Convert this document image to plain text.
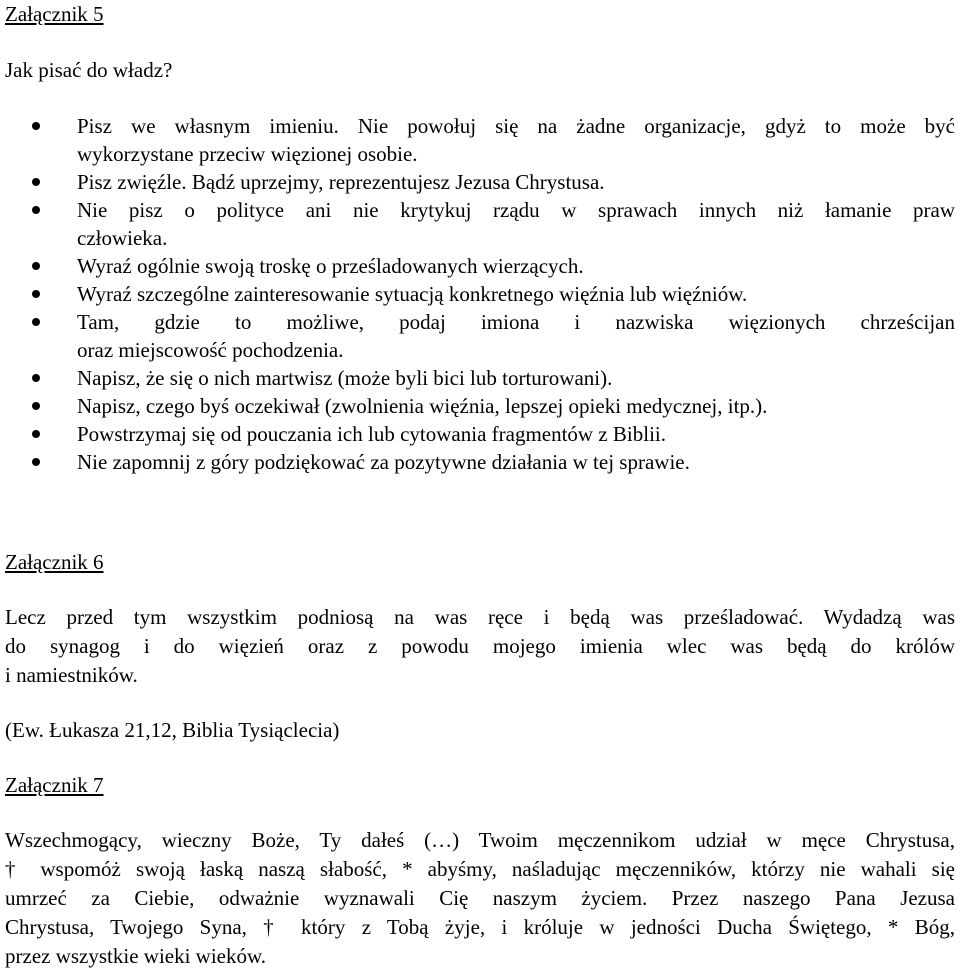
Załącznik 5
Jak pisać do władz?
Pisz we własnym imieniu. Nie powołuj się na żadne organizacje, gdyż to może być
wykorzystane przeciw więzionej osobie.
Pisz zwięźle. Bądź uprzejmy, reprezentujesz Jezusa Chrystusa.
Nie pisz o polityce ani nie krytykuj rządu w sprawach innych niż łamanie praw
człowieka.
Wyraź ogólnie swoją troskę o prześladowanych wierzących.
Wyraź szczególne zainteresowanie sytuacją konkretnego więźnia lub więźniów.
Tam, gdzie to możliwe, podaj imiona i nazwiska więzionych chrześcijan
oraz miejscowość pochodzenia.
Napisz, że się o nich martwisz (może byli bici lub torturowani).
Napisz, czego byś oczekiwał (zwolnienia więźnia, lepszej opieki medycznej, itp.).
Powstrzymaj się od pouczania ich lub cytowania fragmentów z Biblii.
Nie zapomnij z góry podziękować za pozytywne działania w tej sprawie.
Załącznik 6
Lecz przed tym wszystkim podniosą na was ręce i będą was prześladować. Wydadzą was
do synagog i do więzień oraz z powodu mojego imienia wlec was będą do królów
i namiestników.
(Ew. Łukasza 21,12, Biblia Tysiąclecia)
Załącznik 7
Wszechmogący, wieczny Boże, Ty dałeś (…) Twoim męczennikom udział w męce Chrystusa,
† wspomóż swoją łaską naszą słabość, * abyśmy, naśladując męczenników, którzy nie wahali się
umrzeć za Ciebie, odważnie wyznawali Cię naszym życiem. Przez naszego Pana Jezusa
Chrystusa, Twojego Syna, † który z Tobą żyje, i króluje w jedności Ducha Świętego, * Bóg,
przez wszystkie wieki wieków.
